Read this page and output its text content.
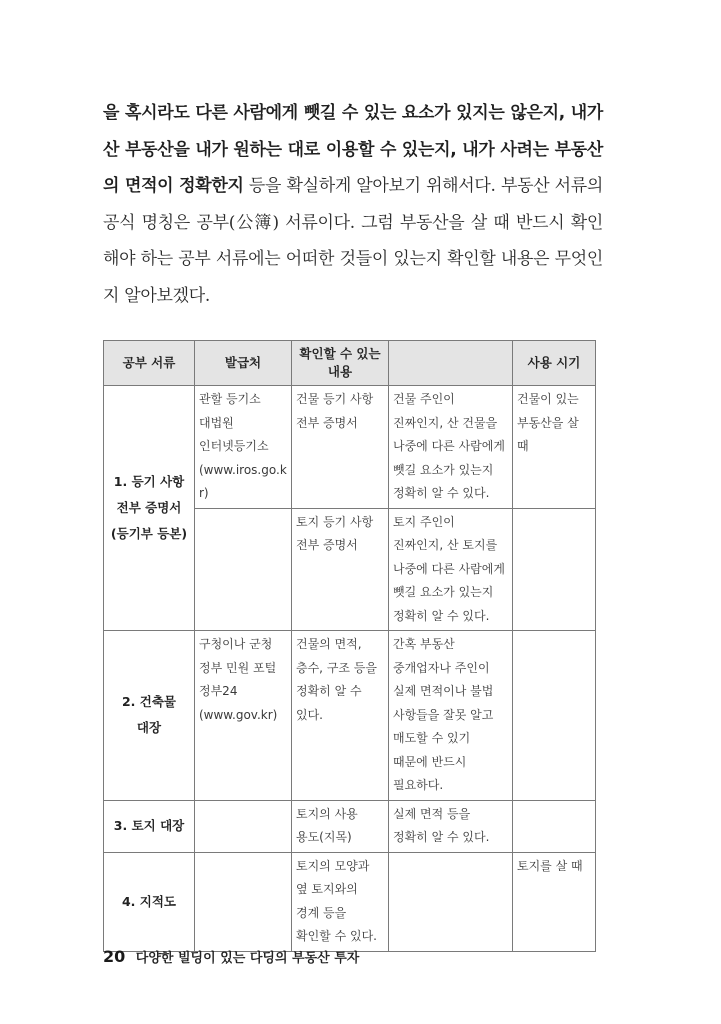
을 혹시라도 다른 사람에게 뺏길 수 있는 요소가 있지는 않은지, 내가 산 부동산을 내가 원하는 대로 이용할 수 있는지, 내가 사려는 부동산의 면적이 정확한지 등을 확실하게 알아보기 위해서다. 부동산 서류의 공식 명칭은 공부(公簿) 서류이다. 그럼 부동산을 살 때 반드시 확인해야 하는 공부 서류에는 어떠한 것들이 있는지 확인할 내용은 무엇인지 알아보겠다.

공부 서류	발급처	확인할 수 있는 내용		사용 시기

1. 등기 사항
전부 증명서
(등기부 등본)	관할 등기소
대법원
인터넷등기소
(www.iros.go.kr)	건물 등기 사항 전부 증명서	건물 주인이 진짜인지, 산 건물을 나중에 다른 사람에게 뺏길 요소가 있는지 정확히 알 수 있다.	건물이 있는 부동산을 살 때
		토지 등기 사항 전부 증명서	토지 주인이 진짜인지, 산 토지를 나중에 다른 사람에게 뺏길 요소가 있는지 정확히 알 수 있다.	

2. 건축물
대장	구청이나 군청
정부 민원 포털
정부24
(www.gov.kr)	건물의 면적, 층수, 구조 등을 정확히 알 수 있다.	간혹 부동산 중개업자나 주인이 실제 면적이나 불법 사항들을 잘못 알고 매도할 수 있기 때문에 반드시 필요하다.	
3. 토지 대장		토지의 사용 용도(지목)	실제 면적 등을 정확히 알 수 있다.	
4. 지적도		토지의 모양과 옆 토지와의 경계 등을 확인할 수 있다.		토지를 살 때
20 다양한 빌딩이 있는 다딩의 부동산 투자
